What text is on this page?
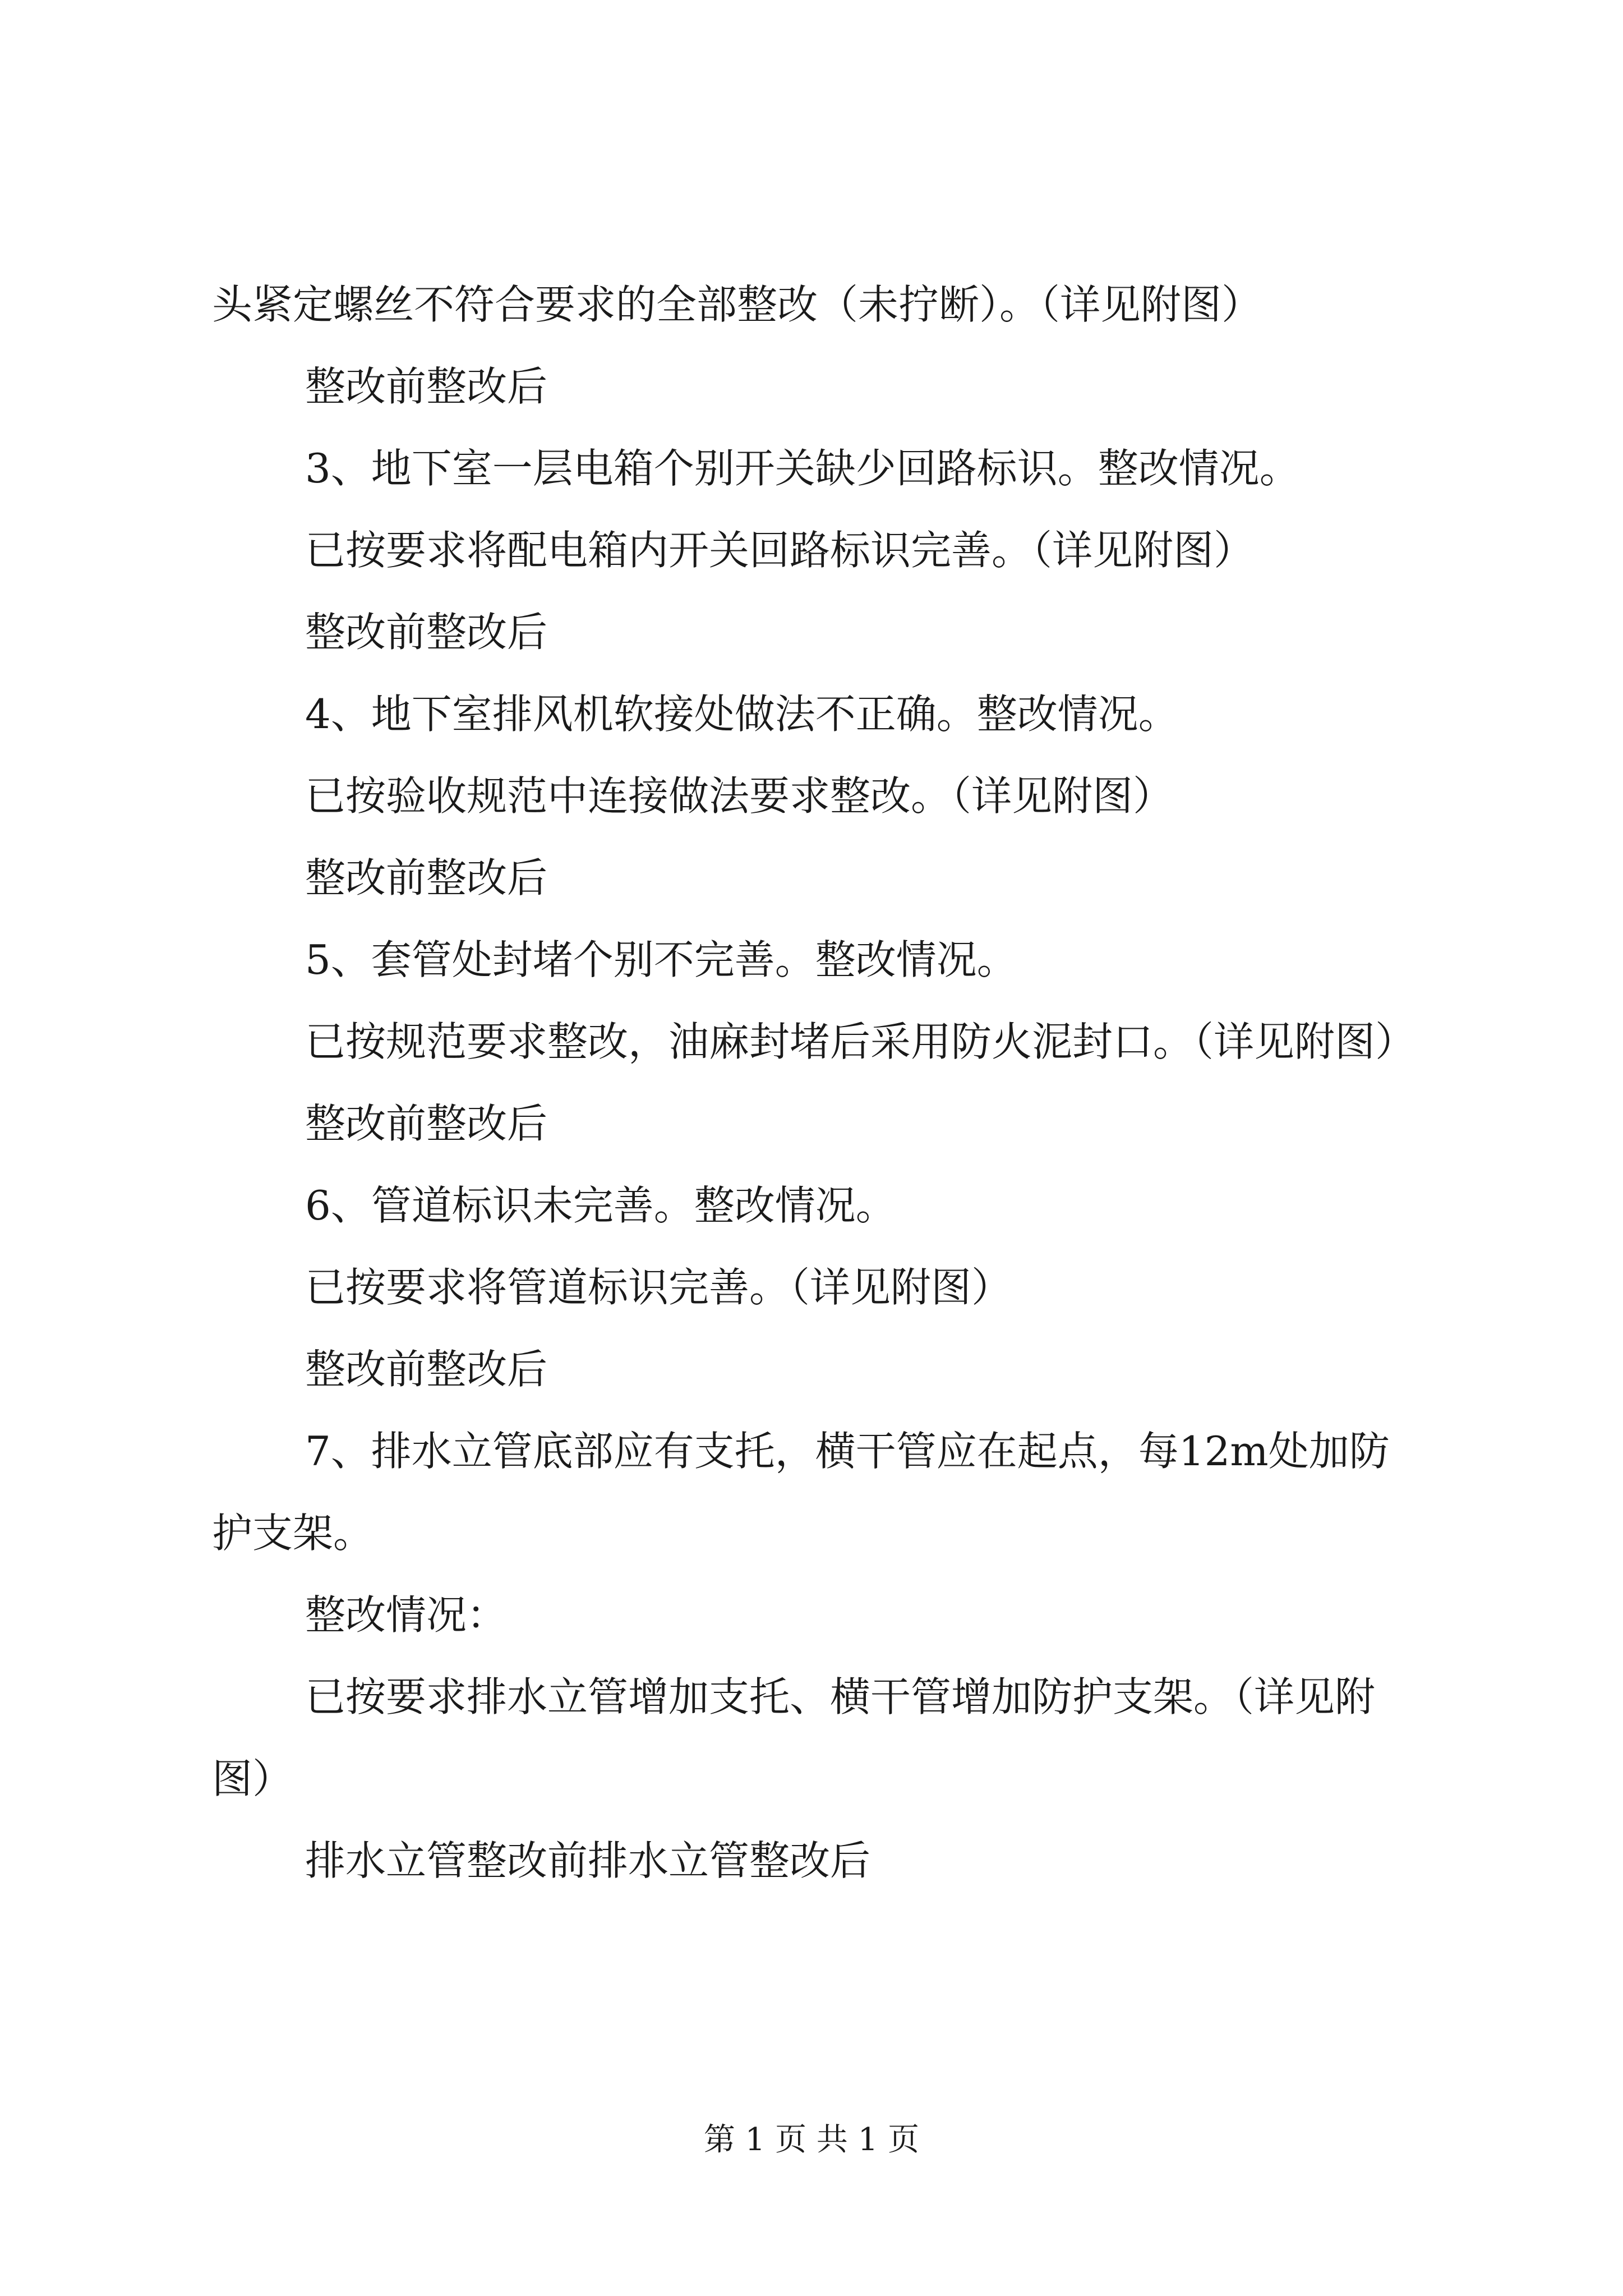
头紧定螺丝不符合要求的全部整改（未拧断）。（详见附图）

整改前整改后

3、地下室一层电箱个别开关缺少回路标识。整改情况。

已按要求将配电箱内开关回路标识完善。（详见附图）

整改前整改后

4、地下室排风机软接处做法不正确。整改情况。

已按验收规范中连接做法要求整改。（详见附图）

整改前整改后

5、套管处封堵个别不完善。整改情况。

已按规范要求整改，油麻封堵后采用防火泥封口。（详见附图）

整改前整改后

6、管道标识未完善。整改情况。

已按要求将管道标识完善。（详见附图）

整改前整改后

7、排水立管底部应有支托，横干管应在起点，每12m处加防护支架。

整改情况：

已按要求排水立管增加支托、横干管增加防护支架。（详见附图）

排水立管整改前排水立管整改后

第 1 页 共 1 页
